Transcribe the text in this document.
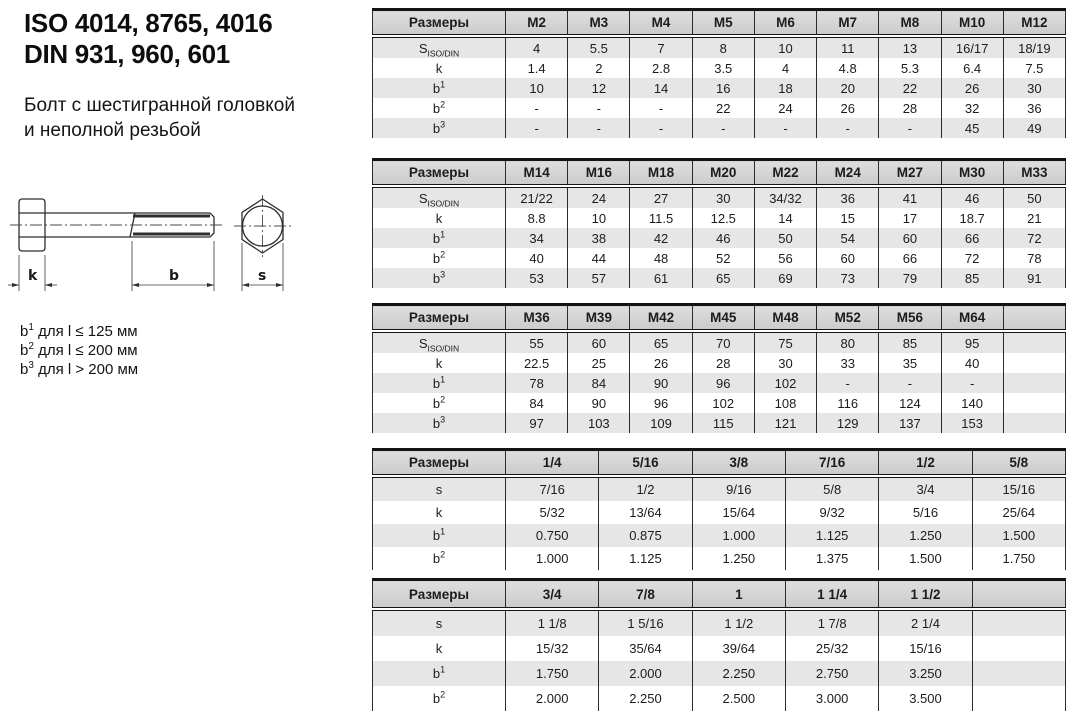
ISO 4014, 8765, 4016
DIN 931, 960, 601
Болт с шестигранной головкой
и неполной резьбой
k	b	s
$b^1$ для l ≤ 125 мм
$b^2$ для l ≤ 200 мм
$b^3$ для l > 200 мм
Размеры	M2	M3	M4	M5	M6	M7	M8	M10	M12
$S_{ISO/DIN}$	4	5.5	7	8	10	11	13	16/17	18/19
k	1.4	2	2.8	3.5	4	4.8	5.3	6.4	7.5
$b^1$	10	12	14	16	18	20	22	26	30
$b^2$	-	-	-	22	24	26	28	32	36
$b^3$	-	-	-	-	-	-	-	45	49
Размеры	M14	M16	M18	M20	M22	M24	M27	M30	M33
$S_{ISO/DIN}$	21/22	24	27	30	34/32	36	41	46	50
k	8.8	10	11.5	12.5	14	15	17	18.7	21
$b^1$	34	38	42	46	50	54	60	66	72
$b^2$	40	44	48	52	56	60	66	72	78
$b^3$	53	57	61	65	69	73	79	85	91
Размеры	M36	M39	M42	M45	M48	M52	M56	M64	
$S_{ISO/DIN}$	55	60	65	70	75	80	85	95	
k	22.5	25	26	28	30	33	35	40	
$b^1$	78	84	90	96	102	-	-	-	
$b^2$	84	90	96	102	108	116	124	140	
$b^3$	97	103	109	115	121	129	137	153	
Размеры	1/4	5/16	3/8	7/16	1/2	5/8
s	7/16	1/2	9/16	5/8	3/4	15/16
k	5/32	13/64	15/64	9/32	5/16	25/64
$b^1$	0.750	0.875	1.000	1.125	1.250	1.500
$b^2$	1.000	1.125	1.250	1.375	1.500	1.750
Размеры	3/4	7/8	1	1 1/4	1 1/2	
s	1 1/8	1 5/16	1 1/2	1 7/8	2 1/4	
k	15/32	35/64	39/64	25/32	15/16	
$b^1$	1.750	2.000	2.250	2.750	3.250	
$b^2$	2.000	2.250	2.500	3.000	3.500	
